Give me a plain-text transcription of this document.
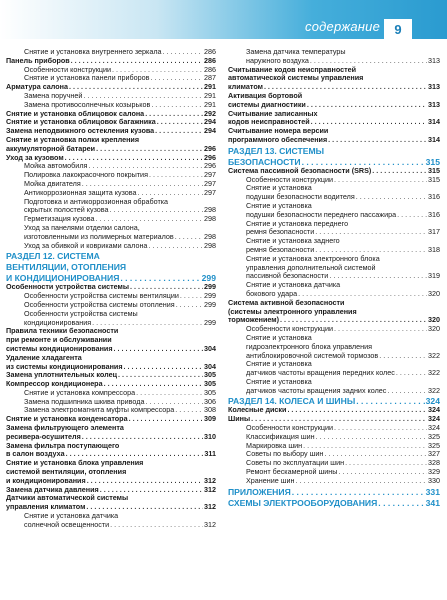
содержание	9
Снятие и установка внутреннего зеркала . . .	286
Панель приборов . . .	286
Особенности конструкции . . .	286
Снятие и установка панели приборов . . .	287
Арматура салона . . .	291
Замена поручней . . .	291
Замена противосолнечных козырьков . . .	291
Снятие и установка облицовок салона . . .	292
Снятие и установка облицовок багажника . . .	294
Замена неподвижного остекления кузова . . .	294
Снятие и установка полки крепления
аккумуляторной батареи . . .	296
Уход за кузовом . . .	296
Мойка автомобиля . . .	296
Полировка лакокрасочного покрытия . . .	297
Мойка двигателя . . .	297
Антикоррозионная защита кузова . . .	297
Подготовка и антикоррозионная обработка
скрытых полостей кузова . . .	298
Герметизация кузова . . .	298
Уход за панелями отделки салона,
изготовленными из полимерных материалов . . .	298
Уход за обивкой и ковриками салона . . .	298
РАЗДЕЛ 12. СИСТЕМА
ВЕНТИЛЯЦИИ, ОТОПЛЕНИЯ
И КОНДИЦИОНИРОВАНИЯ . . .	299
Особенности устройства системы . . .	299
Особенности устройства системы вентиляции . . .	299
Особенности устройства системы отопления . . .	299
Особенности устройства системы
кондиционирования . . .	299
Правила техники безопасности
при ремонте и обслуживании
системы кондиционирования . . .	304
Удаление хладагента
из системы кондиционирования . . .	304
Замена уплотнительных колец . . .	305
Компрессор кондиционера . . .	305
Снятие и установка компрессора . . .	305
Замена подшипника шкива привода . . .	306
Замена электромагнита муфты компрессора . . .	308
Снятие и установка конденсатора . . .	309
Замена фильтрующего элемента
ресивера-осушителя . . .	310
Замена фильтра поступающего
в салон воздуха . . .	311
Снятие и установка блока управления
системой вентиляции, отопления
и кондиционирования . . .	312
Замена датчика давления . . .	312
Датчики автоматической системы
управления климатом . . .	312
Снятие и установка датчика
солнечной освещенности . . .	312
Замена датчика температуры
наружного воздуха . . .	313
Считывание кодов неисправностей
автоматической системы управления
климатом . . .	313
Активация бортовой
системы диагностики . . .	313
Считывание записанных
кодов неисправностей . . .	314
Считывание номера версии
программного обеспечения . . .	314
РАЗДЕЛ 13. СИСТЕМЫ
БЕЗОПАСНОСТИ . . .	315
Система пассивной безопасности (SRS) . . .	315
Особенности конструкции . . .	315
Снятие и установка
подушки безопасности водителя . . .	316
Снятие и установка
подушки безопасности переднего пассажира . . .	316
Снятие и установка переднего
ремня безопасности . . .	317
Снятие и установка заднего
ремня безопасности . . .	318
Снятие и установка электронного блока
управления дополнительной системой
пассивной безопасности . . .	319
Снятие и установка датчика
бокового удара . . .	320
Система активной безопасности
(системы электронного управления
торможением) . . .	320
Особенности конструкции . . .	320
Снятие и установка
гидроэлектронного блока управления
антиблокировочной системой тормозов . . .	322
Снятие и установка
датчиков частоты вращения передних колес . . .	322
Снятие и установка
датчиков частоты вращения задних колес . . .	322
РАЗДЕЛ 14. КОЛЕСА И ШИНЫ . . .	324
Колесные диски . . .	324
Шины . . .	324
Особенности конструкции . . .	324
Классификация шин . . .	325
Маркировка шин . . .	325
Советы по выбору шин . . .	327
Советы по эксплуатации шин . . .	328
Ремонт бескамерной шины . . .	329
Хранение шин . . .	330
ПРИЛОЖЕНИЯ . . .	331
СХЕМЫ ЭЛЕКТРООБОРУДОВАНИЯ . . .	341
